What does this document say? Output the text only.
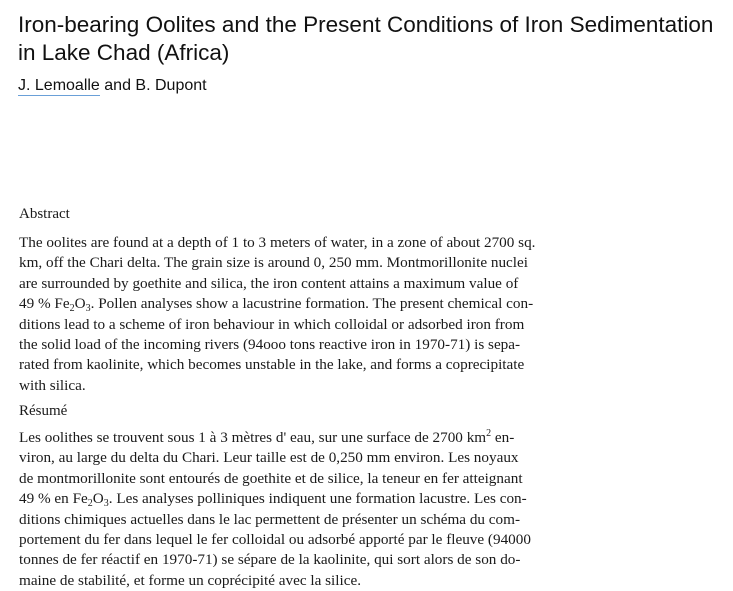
Iron-bearing Oolites and the Present Conditions of Iron Sedimentation in Lake Chad (Africa)

J. Lemoalle and B. Dupont

Abstract

The oolites are found at a depth of 1 to 3 meters of water, in a zone of about 2700 sq.
km, off the Chari delta. The grain size is around 0, 250 mm. Montmorillonite nuclei
are surrounded by goethite and silica, the iron content attains a maximum value of
49 % $Fe_2O_3$. Pollen analyses show a lacustrine formation. The present chemical con-
ditions lead to a scheme of iron behaviour in which colloidal or adsorbed iron from
the solid load of the incoming rivers (94ooo tons reactive iron in 1970-71) is sepa-
rated from kaolinite, which becomes unstable in the lake, and forms a coprecipitate
with silica.

Résumé

Les oolithes se trouvent sous 1 à 3 mètres d' eau, sur une surface de 2700 $km^2$ en-
viron, au large du delta du Chari. Leur taille est de 0,250 mm environ. Les noyaux
de montmorillonite sont entourés de goethite et de silice, la teneur en fer atteignant
49 % en $Fe_2O_3$. Les analyses polliniques indiquent une formation lacustre. Les con-
ditions chimiques actuelles dans le lac permettent de présenter un schéma du com-
portement du fer dans lequel le fer colloidal ou adsorbé apporté par le fleuve (94000
tonnes de fer réactif en 1970-71) se sépare de la kaolinite, qui sort alors de son do-
maine de stabilité, et forme un coprécipité avec la silice.
